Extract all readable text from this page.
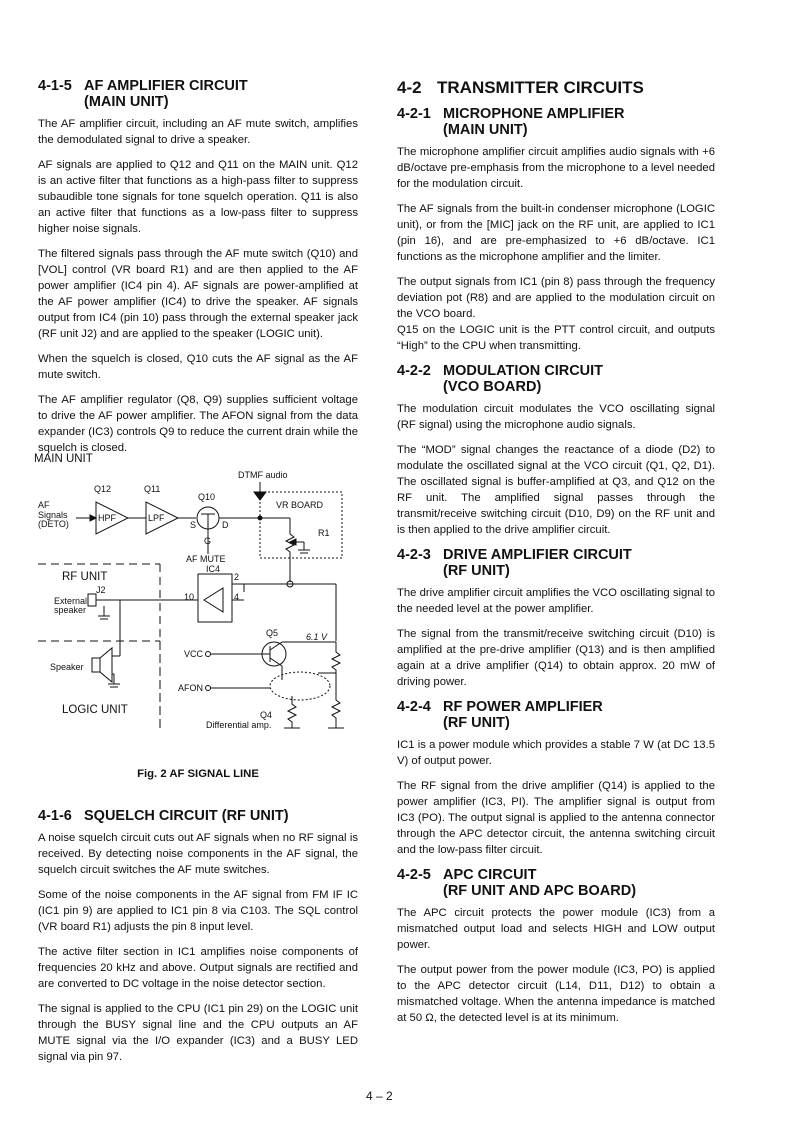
4-1-5 AF AMPLIFIER CIRCUIT
(MAIN UNIT)

The AF amplifier circuit, including an AF mute switch, amplifies the demodulated signal to drive a speaker.

AF signals are applied to Q12 and Q11 on the MAIN unit. Q12 is an active filter that functions as a high-pass filter to suppress subaudible tone signals for tone squelch operation. Q11 is also an active filter that functions as a low-pass filter to suppress higher noise signals.

The filtered signals pass through the AF mute switch (Q10) and [VOL] control (VR board R1) and are then applied to the AF power amplifier (IC4 pin 4). AF signals are power-amplified at the AF power amplifier (IC4) to drive the speaker. AF signals output from IC4 (pin 10) pass through the external speaker jack (RF unit J2) and are applied to the speaker (LOGIC unit).

When the squelch is closed, Q10 cuts the AF signal as the AF mute switch.

The AF amplifier regulator (Q8, Q9) supplies sufficient voltage to drive the AF power amplifier. The AFON signal from the data expander (IC3) controls Q9 to reduce the current drain while the squelch is closed.

MAIN UNIT
DTMF audio
Q12	Q11
Q10
AF
Signals
(DETO)
HPF	LPF
S	D
G
VR BOARD
R1
AF MUTE
IC4
2
4
10
RF UNIT
J2
External
speaker
Q5	6.1 V
VCC
Speaker
AFON
LOGIC UNIT	Q4
Differential amp.
Fig. 2 AF SIGNAL LINE
4-1-6 SQUELCH CIRCUIT (RF UNIT)

A noise squelch circuit cuts out AF signals when no RF signal is received. By detecting noise components in the AF signal, the squelch circuit switches the AF mute switches.

Some of the noise components in the AF signal from FM IF IC (IC1 pin 9) are applied to IC1 pin 8 via C103. The SQL control (VR board R1) adjusts the pin 8 input level.

The active filter section in IC1 amplifies noise components of frequencies 20 kHz and above. Output signals are rectified and are converted to DC voltage in the noise detector section.

The signal is applied to the CPU (IC1 pin 29) on the LOGIC unit through the BUSY signal line and the CPU outputs an AF MUTE signal via the I/O expander (IC3) and a BUSY LED signal via pin 97.

4-2 TRANSMITTER CIRCUITS
4-2-1 MICROPHONE AMPLIFIER
(MAIN UNIT)

The microphone amplifier circuit amplifies audio signals with +6 dB/octave pre-emphasis from the microphone to a level needed for the modulation circuit.

The AF signals from the built-in condenser microphone (LOGIC unit), or from the [MIC] jack on the RF unit, are applied to IC1 (pin 16), and are pre-emphasized to +6 dB/octave. IC1 functions as the microphone amplifier and the limiter.

The output signals from IC1 (pin 8) pass through the frequency deviation pot (R8) and are applied to the modulation circuit on the VCO board.

Q15 on the LOGIC unit is the PTT control circuit, and outputs “High” to the CPU when transmitting.

4-2-2 MODULATION CIRCUIT
(VCO BOARD)

The modulation circuit modulates the VCO oscillating signal (RF signal) using the microphone audio signals.

The “MOD” signal changes the reactance of a diode (D2) to modulate the oscillated signal at the VCO circuit (Q1, Q2, D1). The oscillated signal is buffer-amplified at Q3, and Q12 on the RF unit. The amplified signal passes through the transmit/receive switching circuit (D10, D9) on the RF unit and is then applied to the drive amplifier circuit.

4-2-3 DRIVE AMPLIFIER CIRCUIT
(RF UNIT)

The drive amplifier circuit amplifies the VCO oscillating signal to the needed level at the power amplifier.

The signal from the transmit/receive switching circuit (D10) is amplified at the pre-drive amplifier (Q13) and is then amplified again at a drive amplifier (Q14) to obtain approx. 20 mW of driving power.

4-2-4 RF POWER AMPLIFIER
(RF UNIT)

IC1 is a power module which provides a stable 7 W (at DC 13.5 V) of output power.

The RF signal from the drive amplifier (Q14) is applied to the power amplifier (IC3, PI). The amplifier signal is output from IC3 (PO). The output signal is applied to the antenna connector through the APC detector circuit, the antenna switching circuit and the low-pass filter circuit.

4-2-5 APC CIRCUIT
(RF UNIT AND APC BOARD)

The APC circuit protects the power module (IC3) from a mismatched output load and selects HIGH and LOW output power.

The output power from the power module (IC3, PO) is applied to the APC detector circuit (L14, D11, D12) to obtain a mismatched voltage. When the antenna impedance is matched at 50 Ω, the detected level is at its minimum.

4 – 2
